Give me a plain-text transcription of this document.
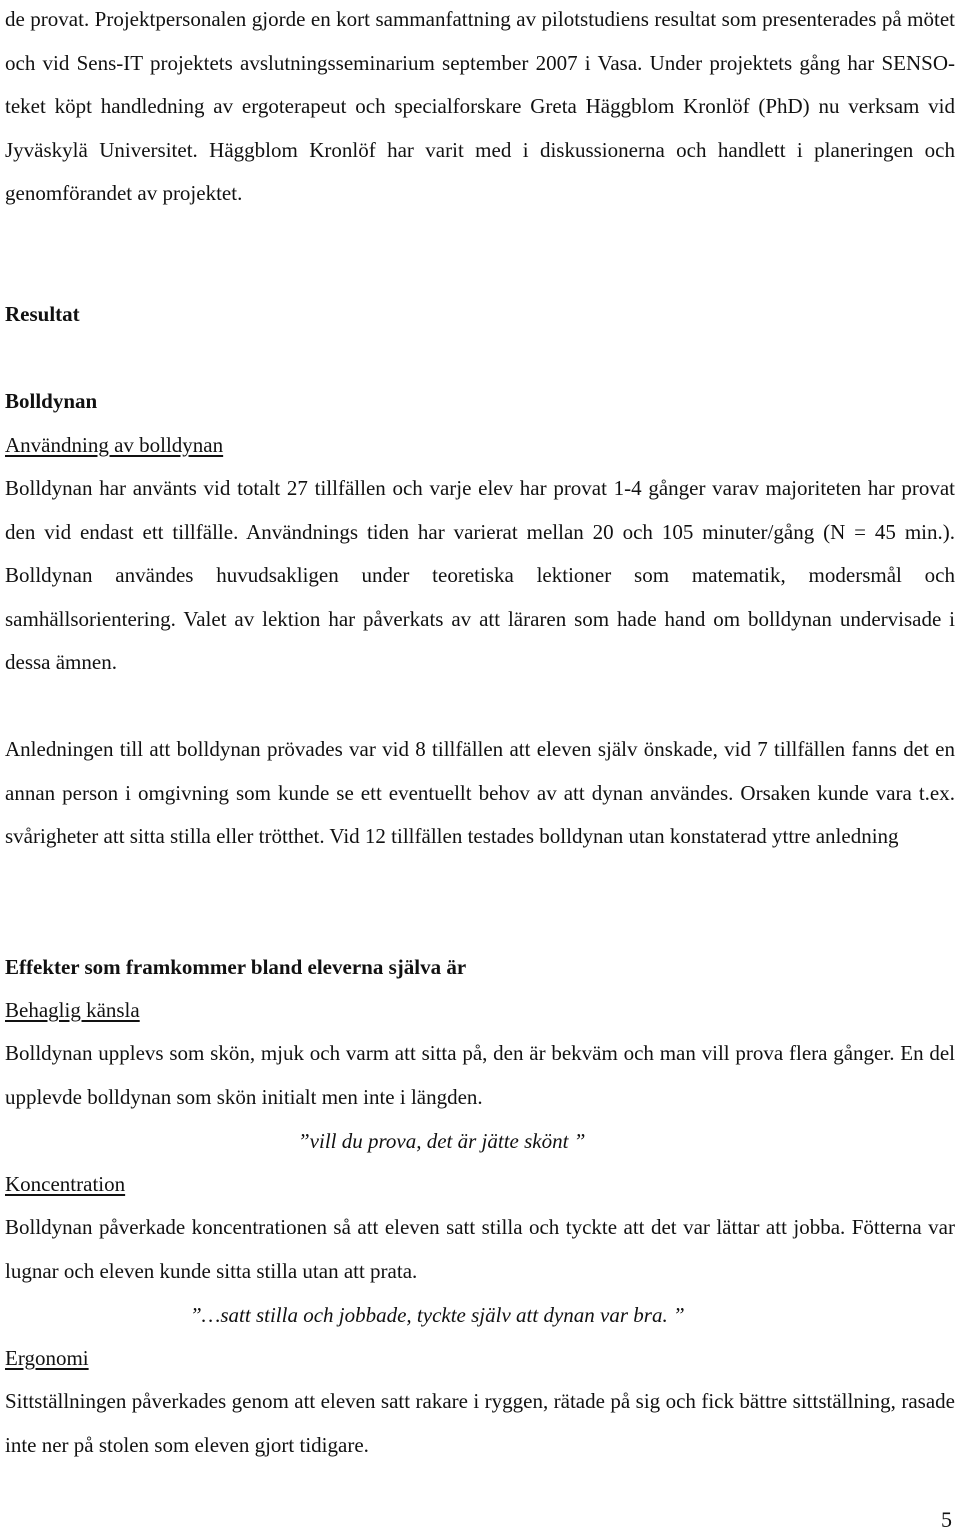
de provat. Projektpersonalen gjorde en kort sammanfattning av pilotstudiens resultat som presenterades på mötet och vid Sens-IT projektets avslutningsseminarium september 2007 i Vasa. Under projektets gång har SENSO-teket köpt handledning av ergoterapeut och specialforskare Greta Häggblom Kronlöf (PhD) nu verksam vid Jyväskylä Universitet. Häggblom Kronlöf har varit med i diskussionerna och handlett i planeringen och genomförandet av projektet.

Resultat

Bolldynan

Användning av bolldynan

Bolldynan har använts vid totalt 27 tillfällen och varje elev har provat 1-4 gånger varav majoriteten har provat den vid endast ett tillfälle. Användnings tiden har varierat mellan 20 och 105 minuter/gång (N = 45 min.). Bolldynan användes huvudsakligen under teoretiska lektioner som matematik, modersmål och samhällsorientering. Valet av lektion har påverkats av att läraren som hade hand om bolldynan undervisade i dessa ämnen.

Anledningen till att bolldynan prövades var vid 8 tillfällen att eleven själv önskade, vid 7 tillfällen fanns det en annan person i omgivning som kunde se ett eventuellt behov av att dynan användes. Orsaken kunde vara t.ex. svårigheter att sitta stilla eller trötthet. Vid 12 tillfällen testades bolldynan utan konstaterad yttre anledning

Effekter som framkommer bland eleverna själva är

Behaglig känsla

Bolldynan upplevs som skön, mjuk och varm att sitta på, den är bekväm och man vill prova flera gånger. En del upplevde bolldynan som skön initialt men inte i längden.

”vill du prova, det är jätte skönt ”

Koncentration

Bolldynan påverkade koncentrationen så att eleven satt stilla och tyckte att det var lättar att jobba. Fötterna var lugnar och eleven kunde sitta stilla utan att prata.

”…satt stilla och jobbade, tyckte själv att dynan var bra. ”

Ergonomi

Sittställningen påverkades genom att eleven satt rakare i ryggen, rätade på sig och fick bättre sittställning, rasade inte ner på stolen som eleven gjort tidigare.

5
